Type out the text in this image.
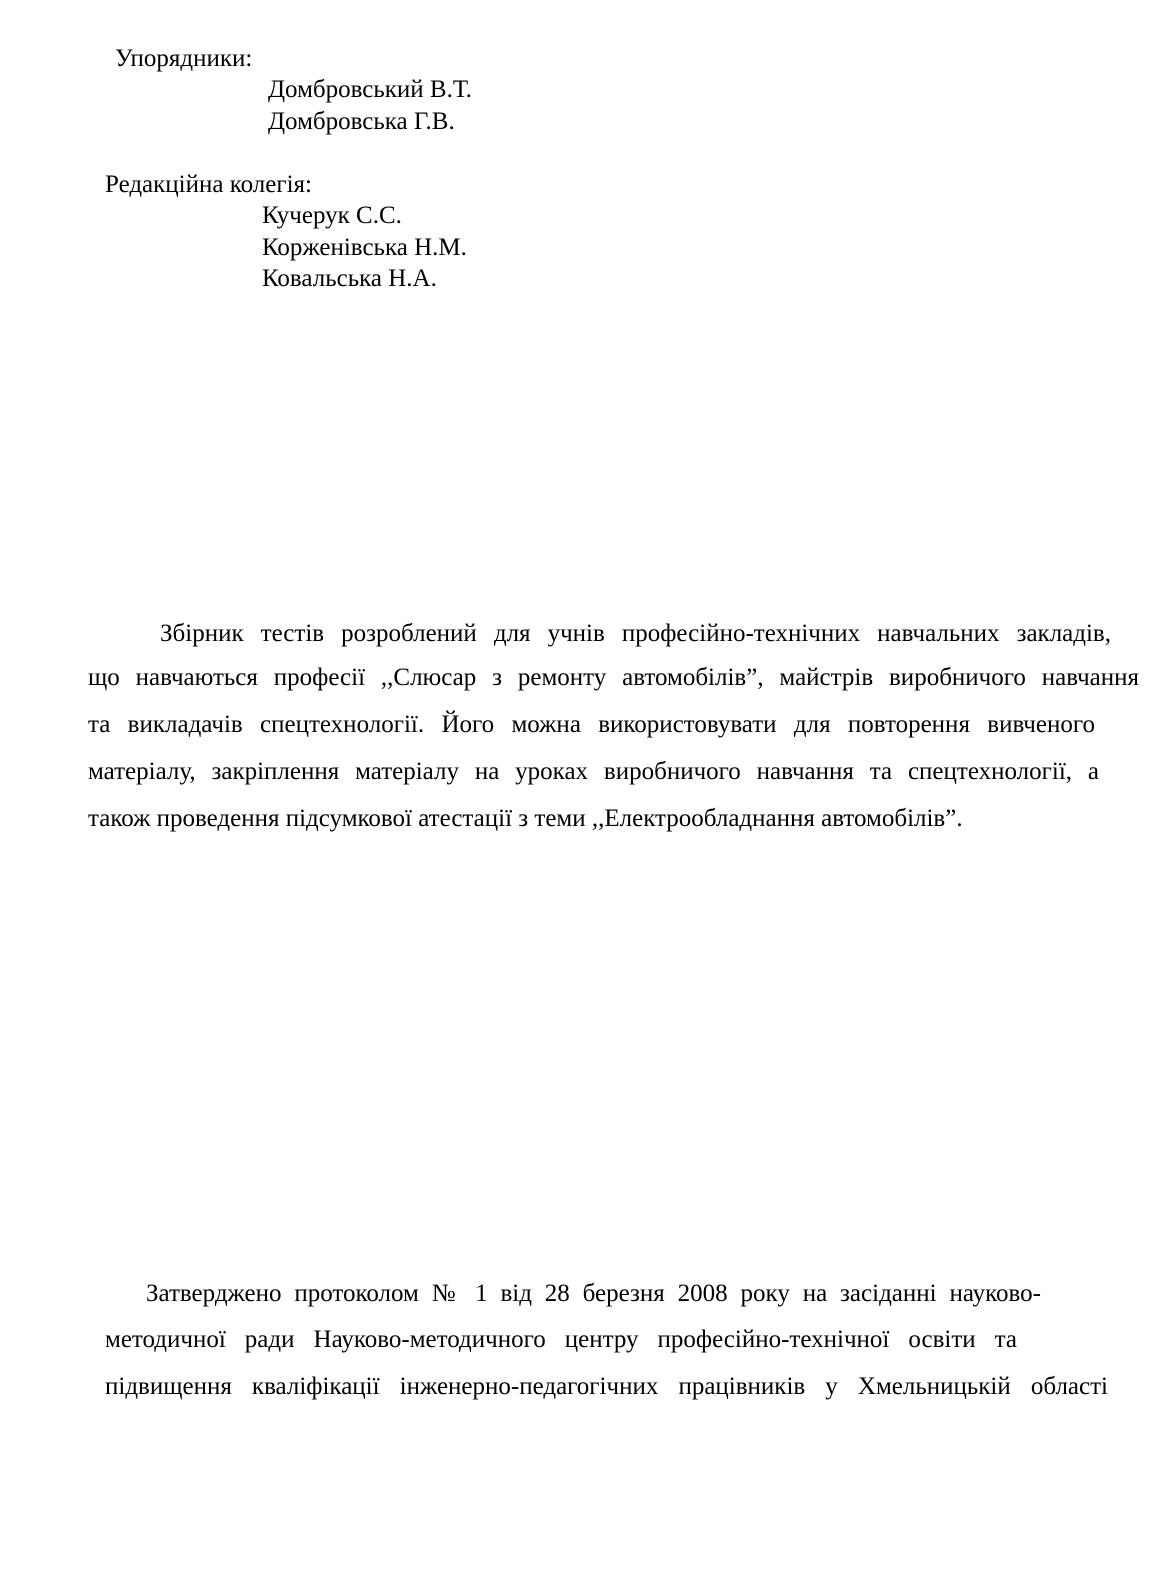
Упорядники:
Домбровський В.Т.
Домбровська Г.В.
Редакційна колегія:
Кучерук С.С.
Корженівська Н.М.
Ковальська Н.А.
Збірник тестів розроблений для учнів професійно-технічних навчальних закладів,
що навчаються професії ,,Слюсар з ремонту автомобілів”, майстрів виробничого навчання
та викладачів спецтехнології. Його можна використовувати для повторення вивченого
матеріалу, закріплення матеріалу на уроках виробничого навчання та спецтехнології, а
також проведення підсумкової атестації з теми ,,Електрообладнання автомобілів”.
Затверджено протоколом № 1 від 28 березня 2008 року на засіданні науково-
методичної ради Науково-методичного центру професійно-технічної освіти та
підвищення кваліфікації інженерно-педагогічних працівників у Хмельницькій області
